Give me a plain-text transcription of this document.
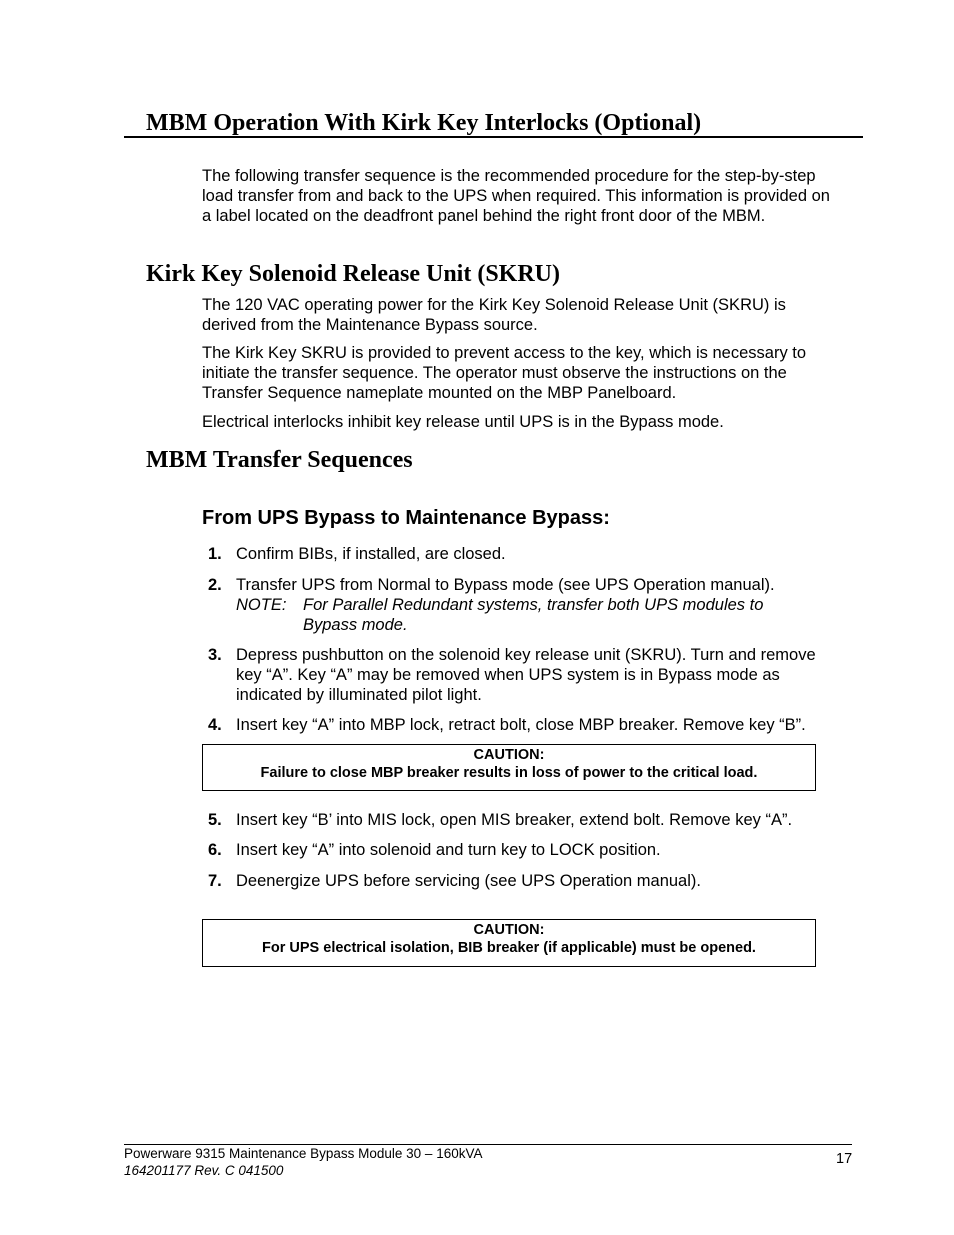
MBM Operation With Kirk Key Interlocks (Optional)
The following transfer sequence is the recommended procedure for the step-by-step load transfer from and back to the UPS when required. This information is provided on a label located on the deadfront panel behind the right front door of the MBM.
Kirk Key Solenoid Release Unit (SKRU)
The 120 VAC operating power for the Kirk Key Solenoid Release Unit (SKRU) is derived from the Maintenance Bypass source.
The Kirk Key SKRU is provided to prevent access to the key, which is necessary to initiate the transfer sequence. The operator must observe the instructions on the Transfer Sequence nameplate mounted on the MBP Panelboard.
Electrical interlocks inhibit key release until UPS is in the Bypass mode.
MBM Transfer Sequences
From UPS Bypass to Maintenance Bypass:
1. Confirm BIBs, if installed, are closed.
2. Transfer UPS from Normal to Bypass mode (see UPS Operation manual).
NOTE: For Parallel Redundant systems, transfer both UPS modules to Bypass mode.
3. Depress pushbutton on the solenoid key release unit (SKRU). Turn and remove key “A”. Key “A” may be removed when UPS system is in Bypass mode as indicated by illuminated pilot light.
4. Insert key “A” into MBP lock, retract bolt, close MBP breaker. Remove key “B”.
CAUTION:
Failure to close MBP breaker results in loss of power to the critical load.
5. Insert key “B’ into MIS lock, open MIS breaker, extend bolt. Remove key “A”.
6. Insert key “A” into solenoid and turn key to LOCK position.
7. Deenergize UPS before servicing (see UPS Operation manual).
CAUTION:
For UPS electrical isolation, BIB breaker (if applicable) must be opened.
Powerware 9315 Maintenance Bypass Module 30 – 160kVA
164201177 Rev. C 041500
17
